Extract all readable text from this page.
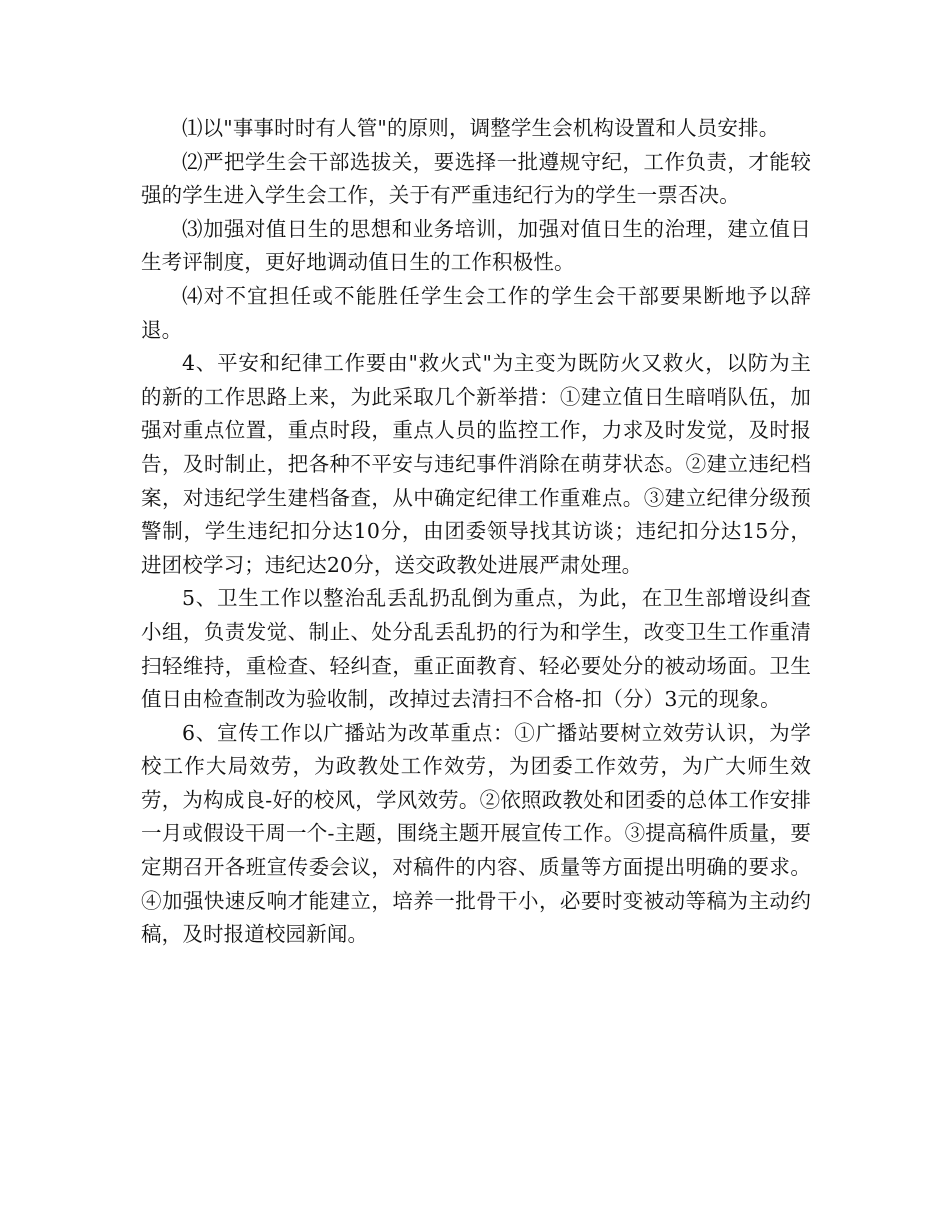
⑴以"事事时时有人管"的原则，调整学生会机构设置和人员安排。

⑵严把学生会干部选拔关，要选择一批遵规守纪，工作负责，才能较强的学生进入学生会工作，关于有严重违纪行为的学生一票否决。

⑶加强对值日生的思想和业务培训，加强对值日生的治理，建立值日生考评制度，更好地调动值日生的工作积极性。

⑷对不宜担任或不能胜任学生会工作的学生会干部要果断地予以辞退。

4、平安和纪律工作要由"救火式"为主变为既防火又救火，以防为主的新的工作思路上来，为此采取几个新举措：①建立值日生暗哨队伍，加强对重点位置，重点时段，重点人员的监控工作，力求及时发觉，及时报告，及时制止，把各种不平安与违纪事件消除在萌芽状态。②建立违纪档案，对违纪学生建档备查，从中确定纪律工作重难点。③建立纪律分级预警制，学生违纪扣分达10分，由团委领导找其访谈；违纪扣分达15分，进团校学习；违纪达20分，送交政教处进展严肃处理。

5、卫生工作以整治乱丢乱扔乱倒为重点，为此，在卫生部增设纠查小组，负责发觉、制止、处分乱丢乱扔的行为和学生，改变卫生工作重清扫轻维持，重检查、轻纠查，重正面教育、轻必要处分的被动场面。卫生值日由检查制改为验收制，改掉过去清扫不合格-扣（分）3元的现象。

6、宣传工作以广播站为改革重点：①广播站要树立效劳认识，为学校工作大局效劳，为政教处工作效劳，为团委工作效劳，为广大师生效劳，为构成良-好的校风，学风效劳。②依照政教处和团委的总体工作安排一月或假设干周一个-主题，围绕主题开展宣传工作。③提高稿件质量，要定期召开各班宣传委会议，对稿件的内容、质量等方面提出明确的要求。④加强快速反响才能建立，培养一批骨干小，必要时变被动等稿为主动约稿，及时报道校园新闻。
